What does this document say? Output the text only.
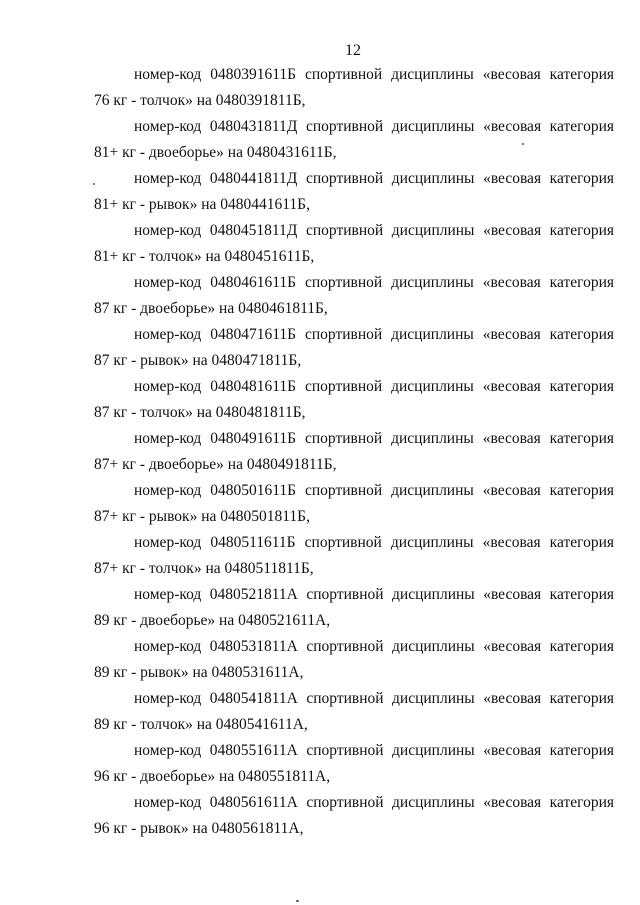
12
номер-код 0480391611Б спортивной дисциплины «весовая категория
76 кг - толчок» на 0480391811Б,
номер-код 0480431811Д спортивной дисциплины «весовая категория
81+ кг - двоеборье» на 0480431611Б,
номер-код 0480441811Д спортивной дисциплины «весовая категория
81+ кг - рывок» на 0480441611Б,
номер-код 0480451811Д спортивной дисциплины «весовая категория
81+ кг - толчок» на 0480451611Б,
номер-код 0480461611Б спортивной дисциплины «весовая категория
87 кг - двоеборье» на 0480461811Б,
номер-код 0480471611Б спортивной дисциплины «весовая категория
87 кг - рывок» на 0480471811Б,
номер-код 0480481611Б спортивной дисциплины «весовая категория
87 кг - толчок» на 0480481811Б,
номер-код 0480491611Б спортивной дисциплины «весовая категория
87+ кг - двоеборье» на 0480491811Б,
номер-код 0480501611Б спортивной дисциплины «весовая категория
87+ кг - рывок» на 0480501811Б,
номер-код 0480511611Б спортивной дисциплины «весовая категория
87+ кг - толчок» на 0480511811Б,
номер-код 0480521811А спортивной дисциплины «весовая категория
89 кг - двоеборье» на 0480521611А,
номер-код 0480531811А спортивной дисциплины «весовая категория
89 кг - рывок» на 0480531611А,
номер-код 0480541811А спортивной дисциплины «весовая категория
89 кг - толчок» на 0480541611А,
номер-код 0480551611А спортивной дисциплины «весовая категория
96 кг - двоеборье» на 0480551811А,
номер-код 0480561611А спортивной дисциплины «весовая категория
96 кг - рывок» на 0480561811А,
